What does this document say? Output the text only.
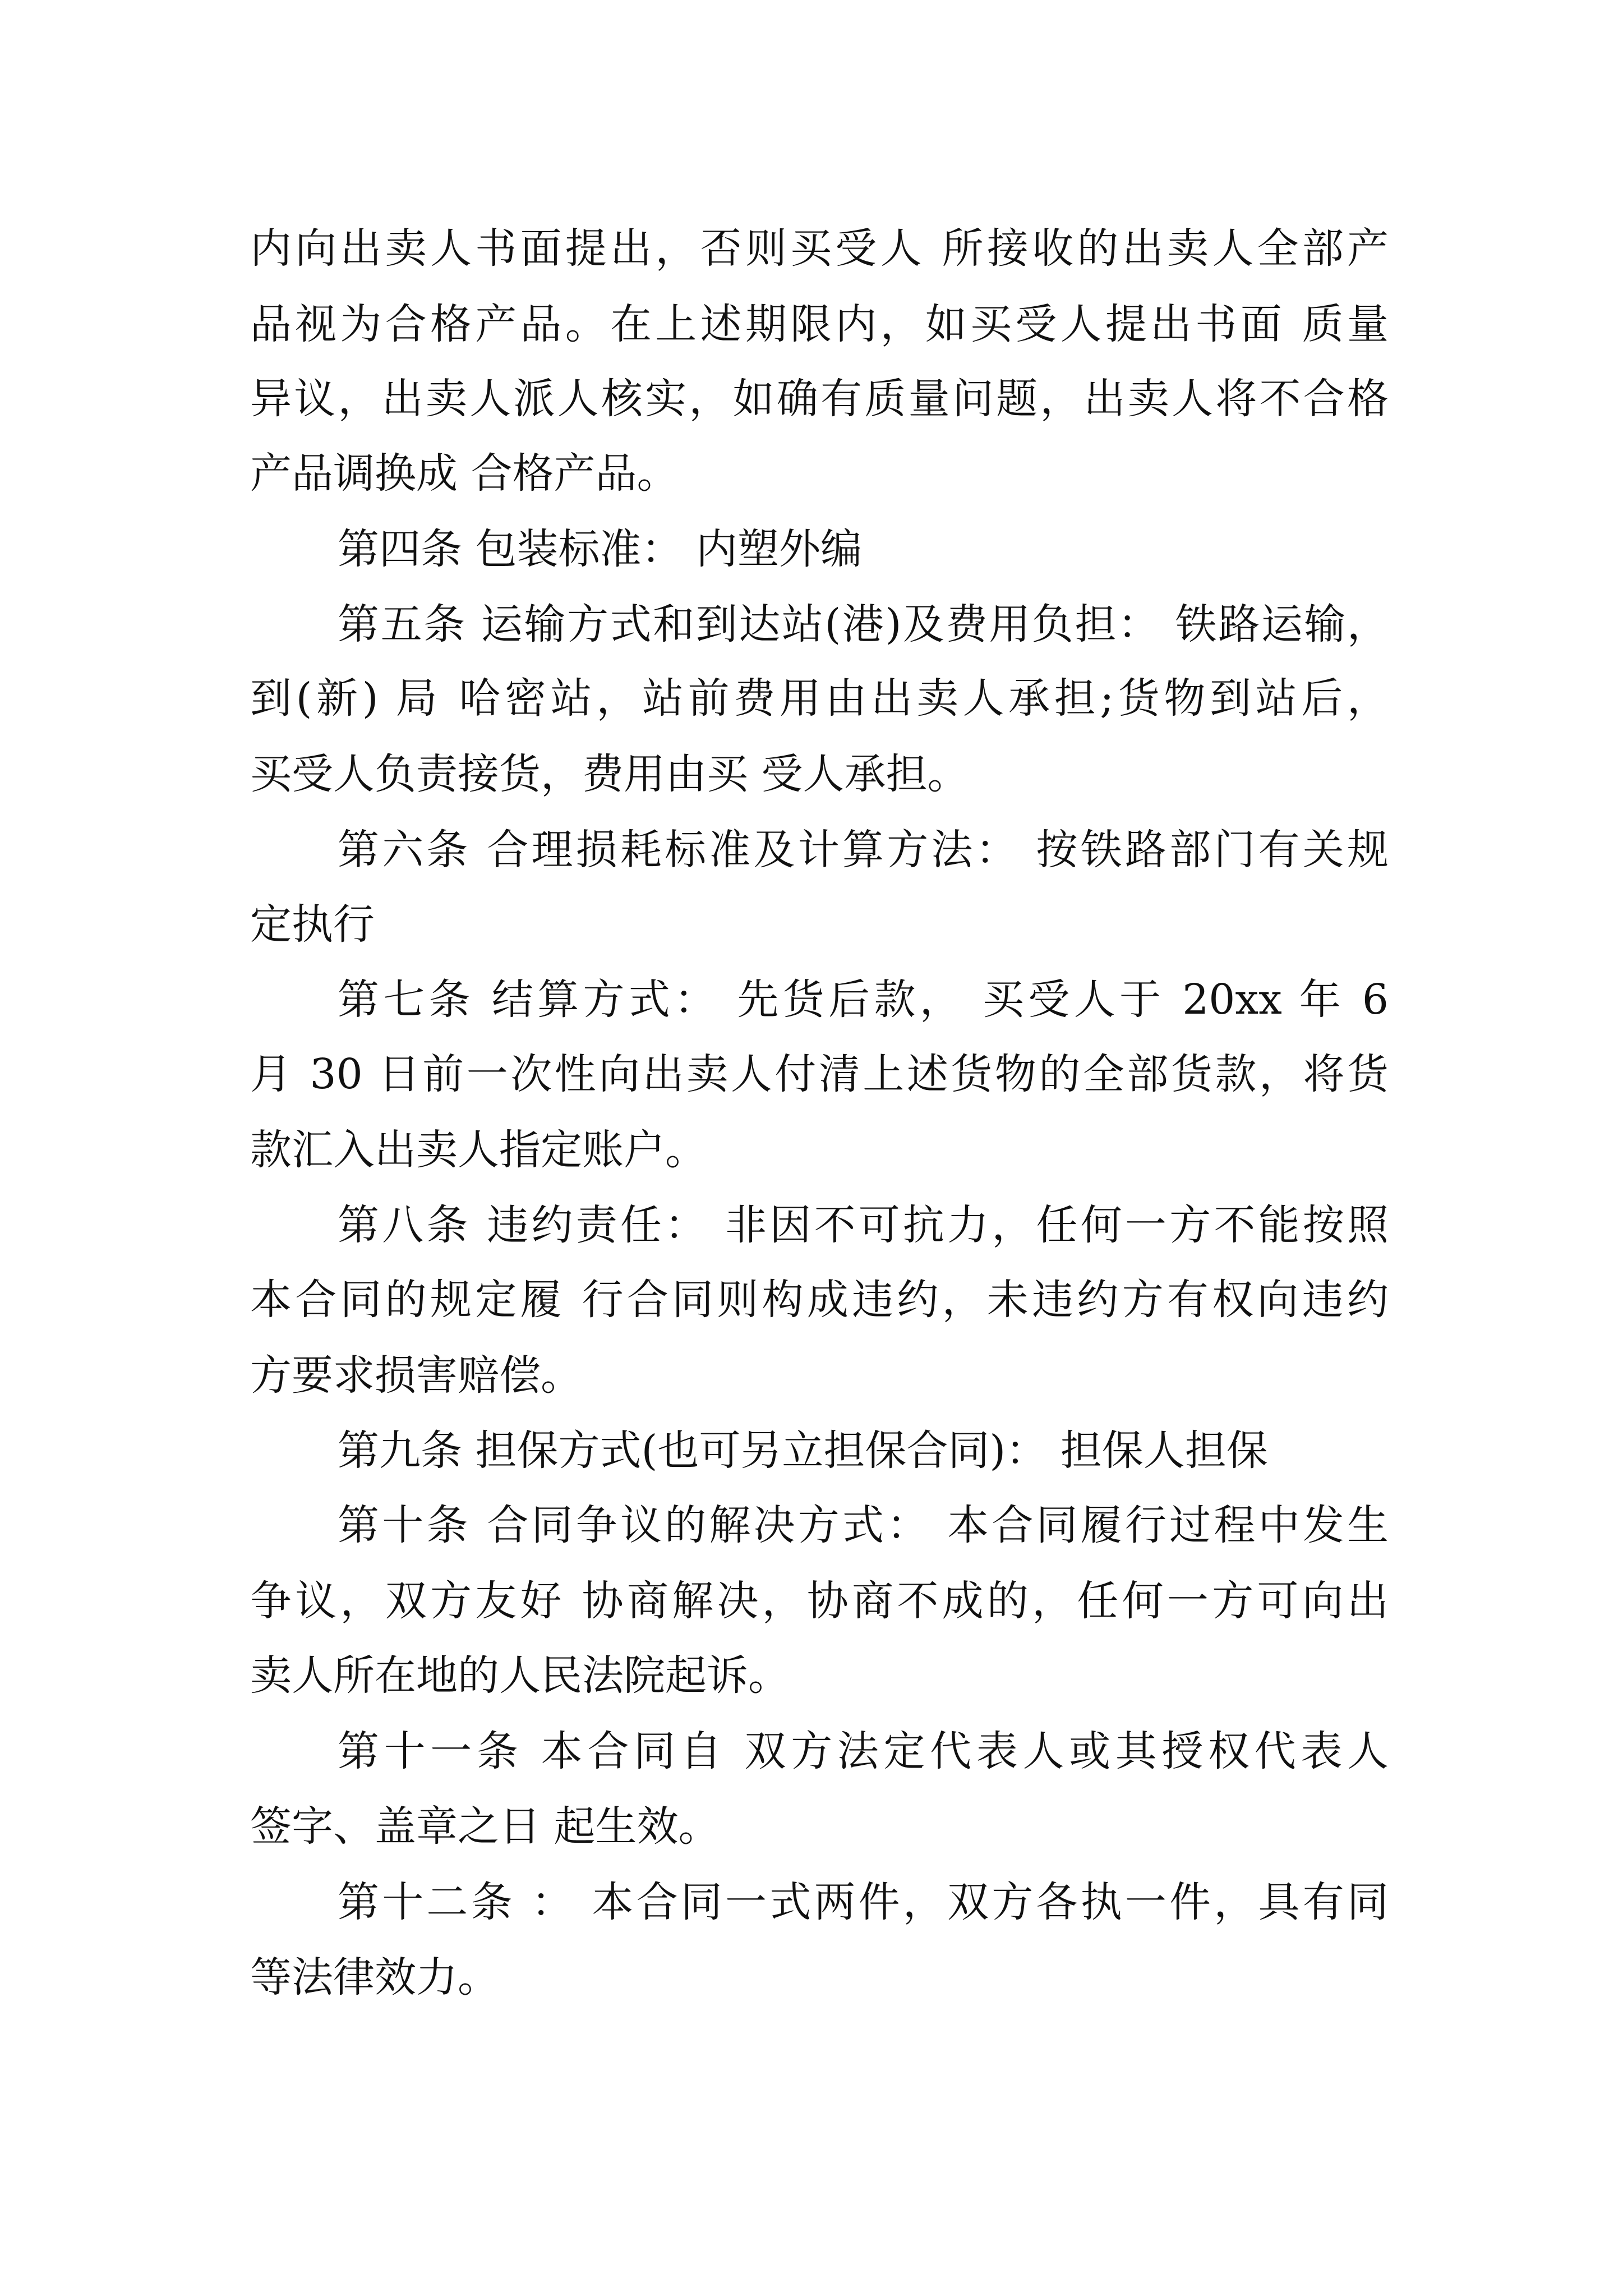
内向出卖人书面提出，否则买受人 所接收的出卖人全部产

品视为合格产品。在上述期限内，如买受人提出书面 质量

异议，出卖人派人核实，如确有质量问题，出卖人将不合格

产品调换成 合格产品。

第四条 包装标准： 内塑外编

第五条 运输方式和到达站(港)及费用负担： 铁路运输，

到(新) 局 哈密站，站前费用由出卖人承担;货物到站后，

买受人负责接货，费用由买 受人承担。

第六条 合理损耗标准及计算方法： 按铁路部门有关规

定执行

第七条 结算方式： 先货后款， 买受人于 20xx 年 6

月 30 日前一次性向出卖人付清上述货物的全部货款，将货

款汇入出卖人指定账户。

第八条 违约责任： 非因不可抗力，任何一方不能按照

本合同的规定履 行合同则构成违约，未违约方有权向违约

方要求损害赔偿。

第九条 担保方式(也可另立担保合同)： 担保人担保

第十条 合同争议的解决方式： 本合同履行过程中发生

争议，双方友好 协商解决，协商不成的，任何一方可向出

卖人所在地的人民法院起诉。

第十一条 本合同自 双方法定代表人或其授权代表人

签字、盖章之日 起生效。

第十二条 ： 本合同一式两件，双方各执一件，具有同

等法律效力。
